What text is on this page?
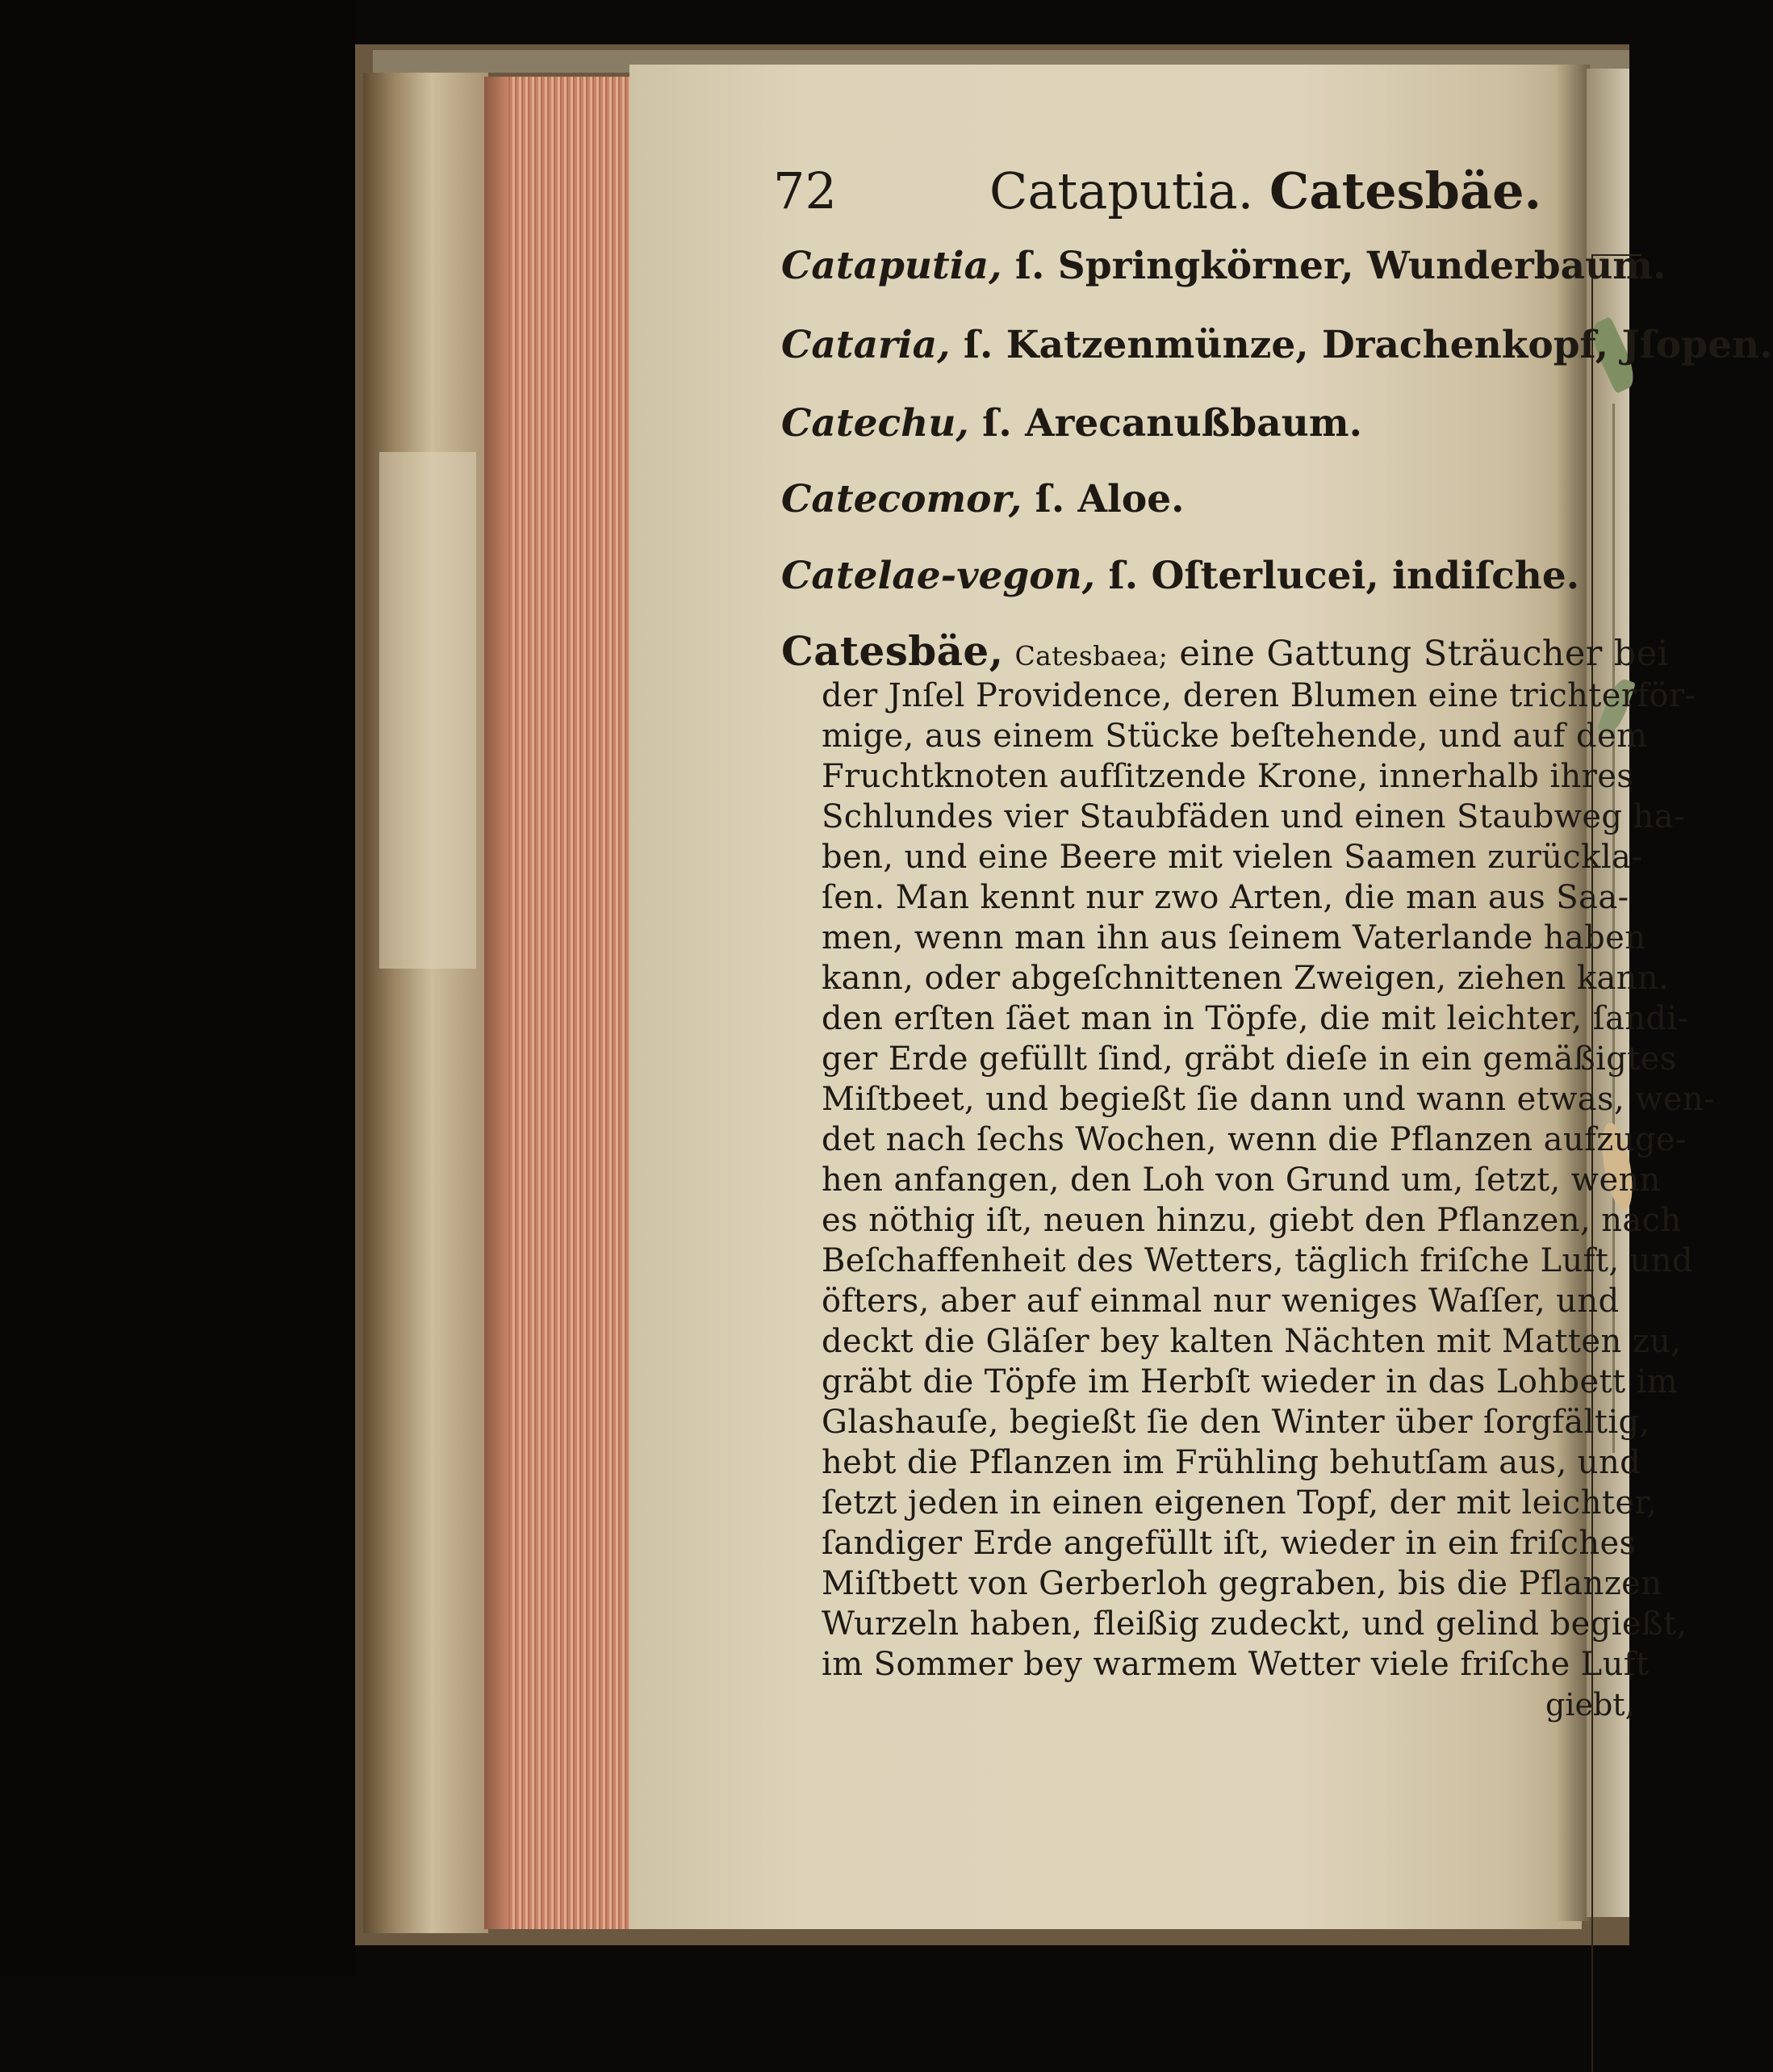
72	Cataputia. Catesbäe.
Cataputia, ſ. Springkörner, Wunderbaum.
Cataria, ſ. Katzenmünze, Drachenkopf, Jſopen.
Catechu, ſ. Arecanußbaum.
Catecomor, ſ. Aloe.
Catelae-vegon, ſ. Oſterlucei, indiſche.
Catesbäe, Catesbaea; eine Gattung Sträucher bei
der Jnſel Providence, deren Blumen eine trichterför-
mige, aus einem Stücke beſtehende, und auf dem
Fruchtknoten aufſitzende Krone, innerhalb ihres
Schlundes vier Staubfäden und einen Staubweg ha-
ben, und eine Beere mit vielen Saamen zurückla-
ſen. Man kennt nur zwo Arten, die man aus Saa-
men, wenn man ihn aus ſeinem Vaterlande haben
kann, oder abgeſchnittenen Zweigen, ziehen kann.
den erſten ſäet man in Töpfe, die mit leichter, ſandi-
ger Erde gefüllt ſind, gräbt dieſe in ein gemäßigtes
Miſtbeet, und begießt ſie dann und wann etwas, wen-
det nach ſechs Wochen, wenn die Pflanzen aufzuge-
hen anfangen, den Loh von Grund um, ſetzt, wenn
es nöthig iſt, neuen hinzu, giebt den Pflanzen, nach
Beſchaffenheit des Wetters, täglich friſche Luft, und
öfters, aber auf einmal nur weniges Waſſer, und
deckt die Gläſer bey kalten Nächten mit Matten zu,
gräbt die Töpfe im Herbſt wieder in das Lohbett im
Glashauſe, begießt ſie den Winter über ſorgfältig,
hebt die Pflanzen im Frühling behutſam aus, und
ſetzt jeden in einen eigenen Topf, der mit leichter,
ſandiger Erde angefüllt iſt, wieder in ein friſches
Miſtbett von Gerberloh gegraben, bis die Pflanzen
Wurzeln haben, fleißig zudeckt, und gelind begießt,
im Sommer bey warmem Wetter viele friſche Luft
giebt,
